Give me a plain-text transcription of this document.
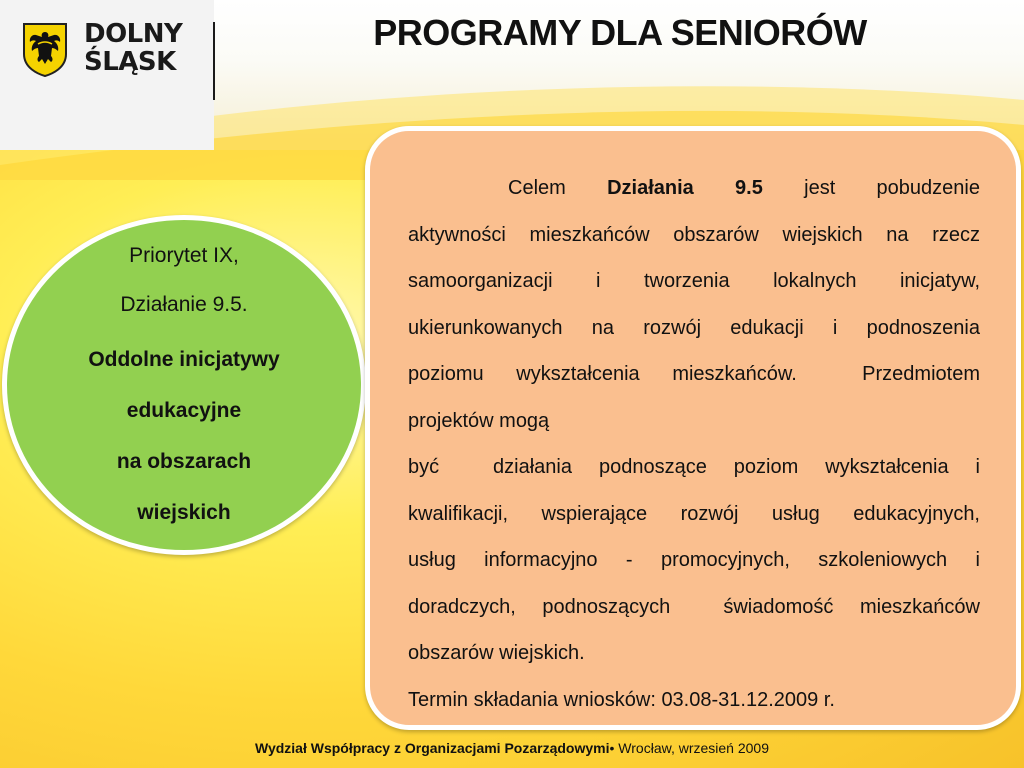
DOLNY
ŚLĄSK
PROGRAMY DLA SENIORÓW
Priorytet IX,
Działanie 9.5.
Oddolne inicjatywy
edukacyjne
na obszarach
wiejskich
Celem Działania 9.5 jest pobudzenie
aktywności mieszkańców obszarów wiejskich na rzecz
samoorganizacji i tworzenia lokalnych inicjatyw,
ukierunkowanych na rozwój edukacji i podnoszenia
poziomu wykształcenia mieszkańców.  Przedmiotem
projektów mogą
być  działania podnoszące poziom wykształcenia i
kwalifikacji, wspierające rozwój usług edukacyjnych,
usług informacyjno - promocyjnych, szkoleniowych i
doradczych, podnoszących  świadomość mieszkańców
obszarów wiejskich.
Termin składania wniosków: 03.08-31.12.2009 r.
Wydział Współpracy z Organizacjami Pozarządowymi• Wrocław, wrzesień 2009
